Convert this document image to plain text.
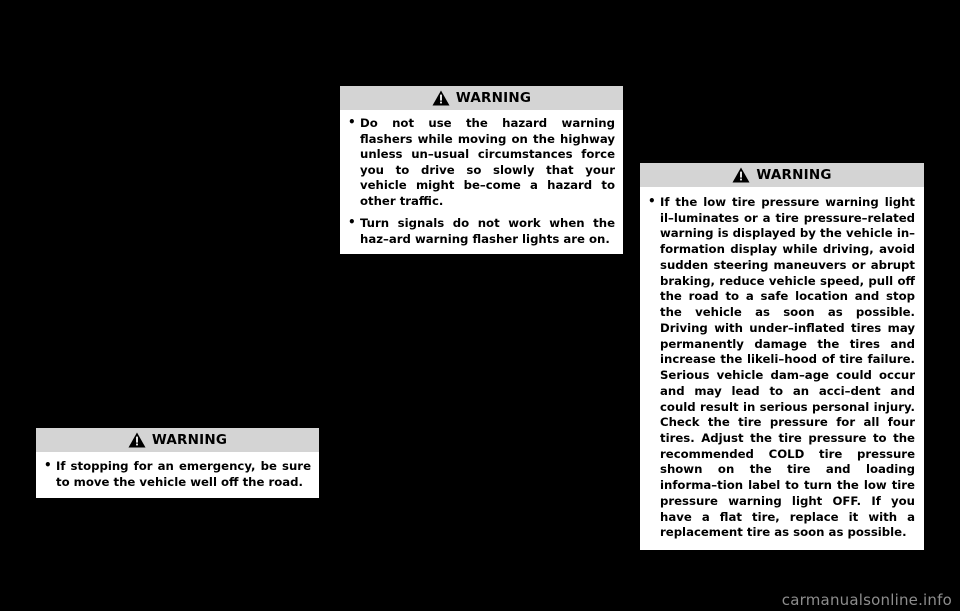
WARNING
• Do not use the hazard warning flashers while moving on the highway unless un–usual circumstances force you to drive so slowly that your vehicle might be–come a hazard to other traffic.
• Turn signals do not work when the haz–ard warning flasher lights are on.
WARNING
• If stopping for an emergency, be sure to move the vehicle well off the road.
WARNING
• If the low tire pressure warning light il–luminates or a tire pressure–related warning is displayed by the vehicle in–formation display while driving, avoid sudden steering maneuvers or abrupt braking, reduce vehicle speed, pull off the road to a safe location and stop the vehicle as soon as possible. Driving with under–inflated tires may permanently damage the tires and increase the likeli–hood of tire failure. Serious vehicle dam–age could occur and may lead to an acci–dent and could result in serious personal injury. Check the tire pressure for all four tires. Adjust the tire pressure to the recommended COLD tire pressure shown on the tire and loading informa–tion label to turn the low tire pressure warning light OFF. If you have a flat tire, replace it with a replacement tire as soon as possible.
carmanualsonline.info
